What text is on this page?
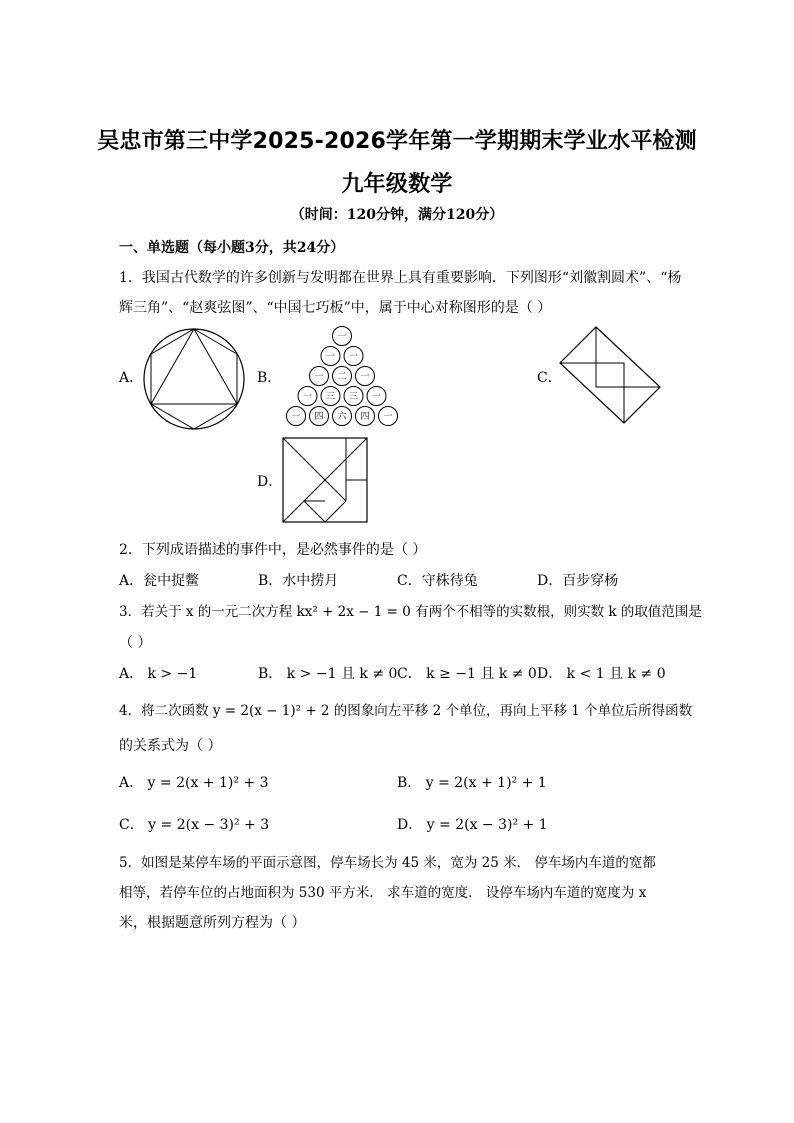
吴忠市第三中学2025-2026学年第一学期期末学业水平检测
九年级数学
（时间：120分钟，满分120分）
一、单选题（每小题3分，共24分）
1．我国古代数学的许多创新与发明都在世界上具有重要影响．下列图形“刘徽割圆术”、“杨
辉三角”、“赵爽弦图”、“中国七巧板”中，属于中心对称图形的是（ ）
A．	B．
一
一 一
一 二 一
一 三 三 一
一 四 六 四 一
C．
D．
2．下列成语描述的事件中，是必然事件的是（ ）
A．瓮中捉鳖	B．水中捞月	C．守株待兔	D．百步穿杨
3．若关于 x 的一元二次方程 kx² + 2x − 1 = 0 有两个不相等的实数根，则实数 k 的取值范围是
（ ）
A． k > −1	B． k > −1 且 k ≠ 0 C． k ≥ −1 且 k ≠ 0 D． k < 1 且 k ≠ 0
4．将二次函数 y = 2(x − 1)² + 2 的图象向左平移 2 个单位，再向上平移 1 个单位后所得函数
的关系式为（ ）
A． y = 2(x + 1)² + 3	B． y = 2(x + 1)² + 1
C． y = 2(x − 3)² + 3	D． y = 2(x − 3)² + 1
5．如图是某停车场的平面示意图，停车场长为 45 米，宽为 25 米． 停车场内车道的宽都
相等，若停车位的占地面积为 530 平方米． 求车道的宽度． 设停车场内车道的宽度为 x
米，根据题意所列方程为（ ）
